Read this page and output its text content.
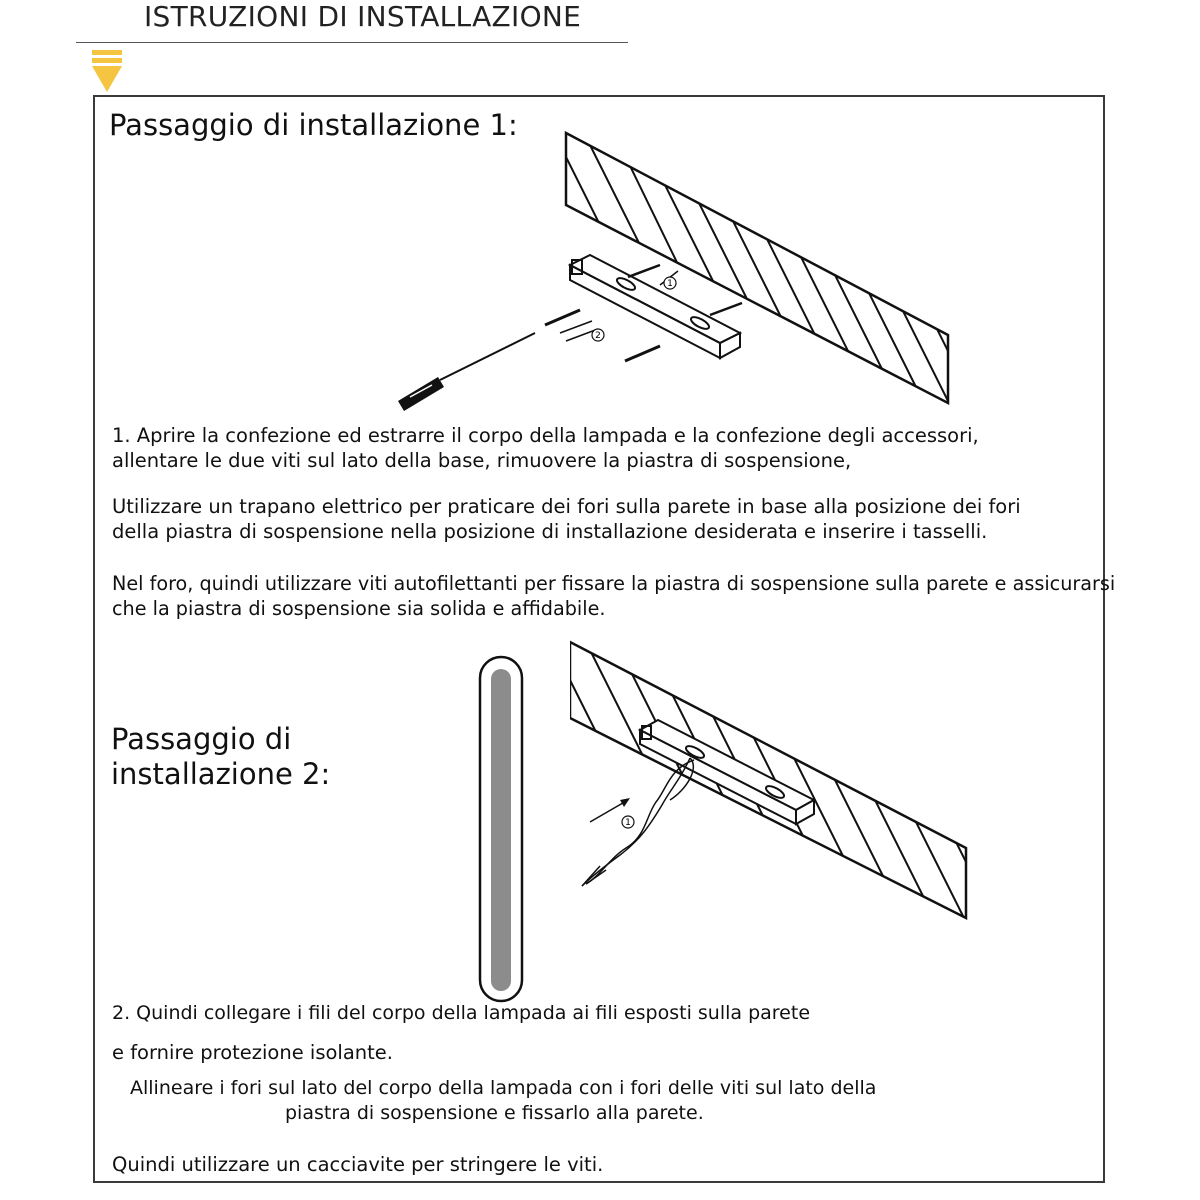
ISTRUZIONI DI INSTALLAZIONE
Passaggio di installazione 1:
1
2
1. Aprire la confezione ed estrarre il corpo della lampada e la confezione degli accessori,
allentare le due viti sul lato della base, rimuovere la piastra di sospensione,
Utilizzare un trapano elettrico per praticare dei fori sulla parete in base alla posizione dei fori
della piastra di sospensione nella posizione di installazione desiderata e inserire i tasselli.
Nel foro, quindi utilizzare viti autofilettanti per fissare la piastra di sospensione sulla parete e assicurarsi
che la piastra di sospensione sia solida e affidabile.
Passaggio di
installazione 2:
1
2. Quindi collegare i fili del corpo della lampada ai fili esposti sulla parete
e fornire protezione isolante.
Allineare i fori sul lato del corpo della lampada con i fori delle viti sul lato della
piastra di sospensione e fissarlo alla parete.
Quindi utilizzare un cacciavite per stringere le viti.
